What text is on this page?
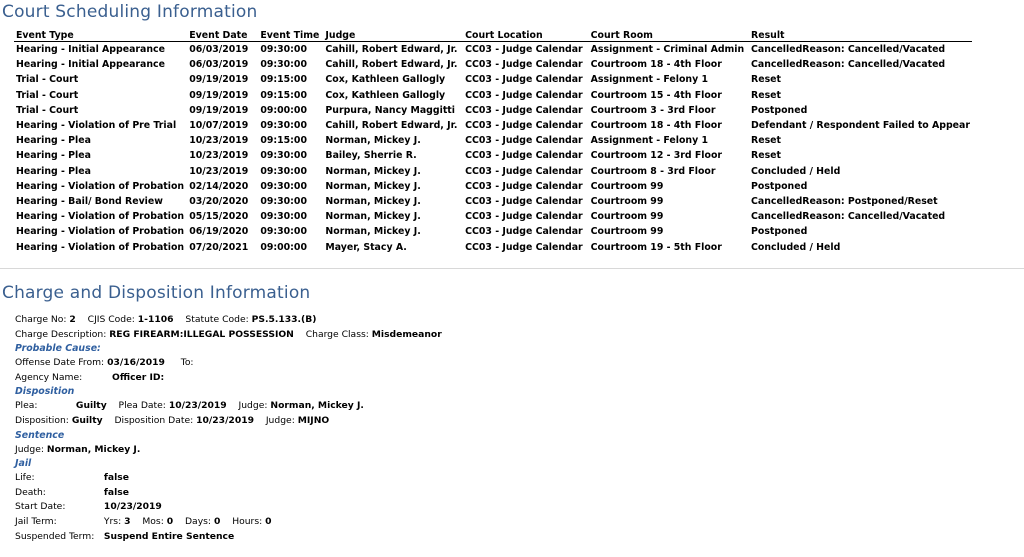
Court Scheduling Information
Event Type	Event Date	Event Time	Judge	Court Location	Court Room	Result
Hearing - Initial Appearance	06/03/2019	09:30:00	Cahill, Robert Edward, Jr.	CC03 - Judge Calendar	Assignment - Criminal Admin	CancelledReason: Cancelled/Vacated
Hearing - Initial Appearance	06/03/2019	09:30:00	Cahill, Robert Edward, Jr.	CC03 - Judge Calendar	Courtroom 18 - 4th Floor	CancelledReason: Cancelled/Vacated
Trial - Court	09/19/2019	09:15:00	Cox, Kathleen Gallogly	CC03 - Judge Calendar	Assignment - Felony 1	Reset
Trial - Court	09/19/2019	09:15:00	Cox, Kathleen Gallogly	CC03 - Judge Calendar	Courtroom 15 - 4th Floor	Reset
Trial - Court	09/19/2019	09:00:00	Purpura, Nancy Maggitti	CC03 - Judge Calendar	Courtroom 3 - 3rd Floor	Postponed
Hearing - Violation of Pre Trial	10/07/2019	09:30:00	Cahill, Robert Edward, Jr.	CC03 - Judge Calendar	Courtroom 18 - 4th Floor	Defendant / Respondent Failed to Appear
Hearing - Plea	10/23/2019	09:15:00	Norman, Mickey J.	CC03 - Judge Calendar	Assignment - Felony 1	Reset
Hearing - Plea	10/23/2019	09:30:00	Bailey, Sherrie R.	CC03 - Judge Calendar	Courtroom 12 - 3rd Floor	Reset
Hearing - Plea	10/23/2019	09:30:00	Norman, Mickey J.	CC03 - Judge Calendar	Courtroom 8 - 3rd Floor	Concluded / Held
Hearing - Violation of Probation	02/14/2020	09:30:00	Norman, Mickey J.	CC03 - Judge Calendar	Courtroom 99	Postponed
Hearing - Bail/ Bond Review	03/20/2020	09:30:00	Norman, Mickey J.	CC03 - Judge Calendar	Courtroom 99	CancelledReason: Postponed/Reset
Hearing - Violation of Probation	05/15/2020	09:30:00	Norman, Mickey J.	CC03 - Judge Calendar	Courtroom 99	CancelledReason: Cancelled/Vacated
Hearing - Violation of Probation	06/19/2020	09:30:00	Norman, Mickey J.	CC03 - Judge Calendar	Courtroom 99	Postponed
Hearing - Violation of Probation	07/20/2021	09:00:00	Mayer, Stacy A.	CC03 - Judge Calendar	Courtroom 19 - 5th Floor	Concluded / Held
Charge and Disposition Information
Charge No: 2 CJIS Code: 1-1106 Statute Code: PS.5.133.(B)
Charge Description: REG FIREARM:ILLEGAL POSSESSION Charge Class: Misdemeanor
Probable Cause:
Offense Date From: 03/16/2019 To:
Agency Name:	Officer ID:
Disposition
Plea:	Guilty Plea Date: 10/23/2019 Judge: Norman, Mickey J.
Disposition: Guilty Disposition Date: 10/23/2019 Judge: MIJNO
Sentence
Judge: Norman, Mickey J.
Jail
Life:	false
Death:	false
Start Date:	10/23/2019
Jail Term:	Yrs: 3 Mos: 0 Days: 0 Hours: 0
Suspended Term: Suspend Entire Sentence
